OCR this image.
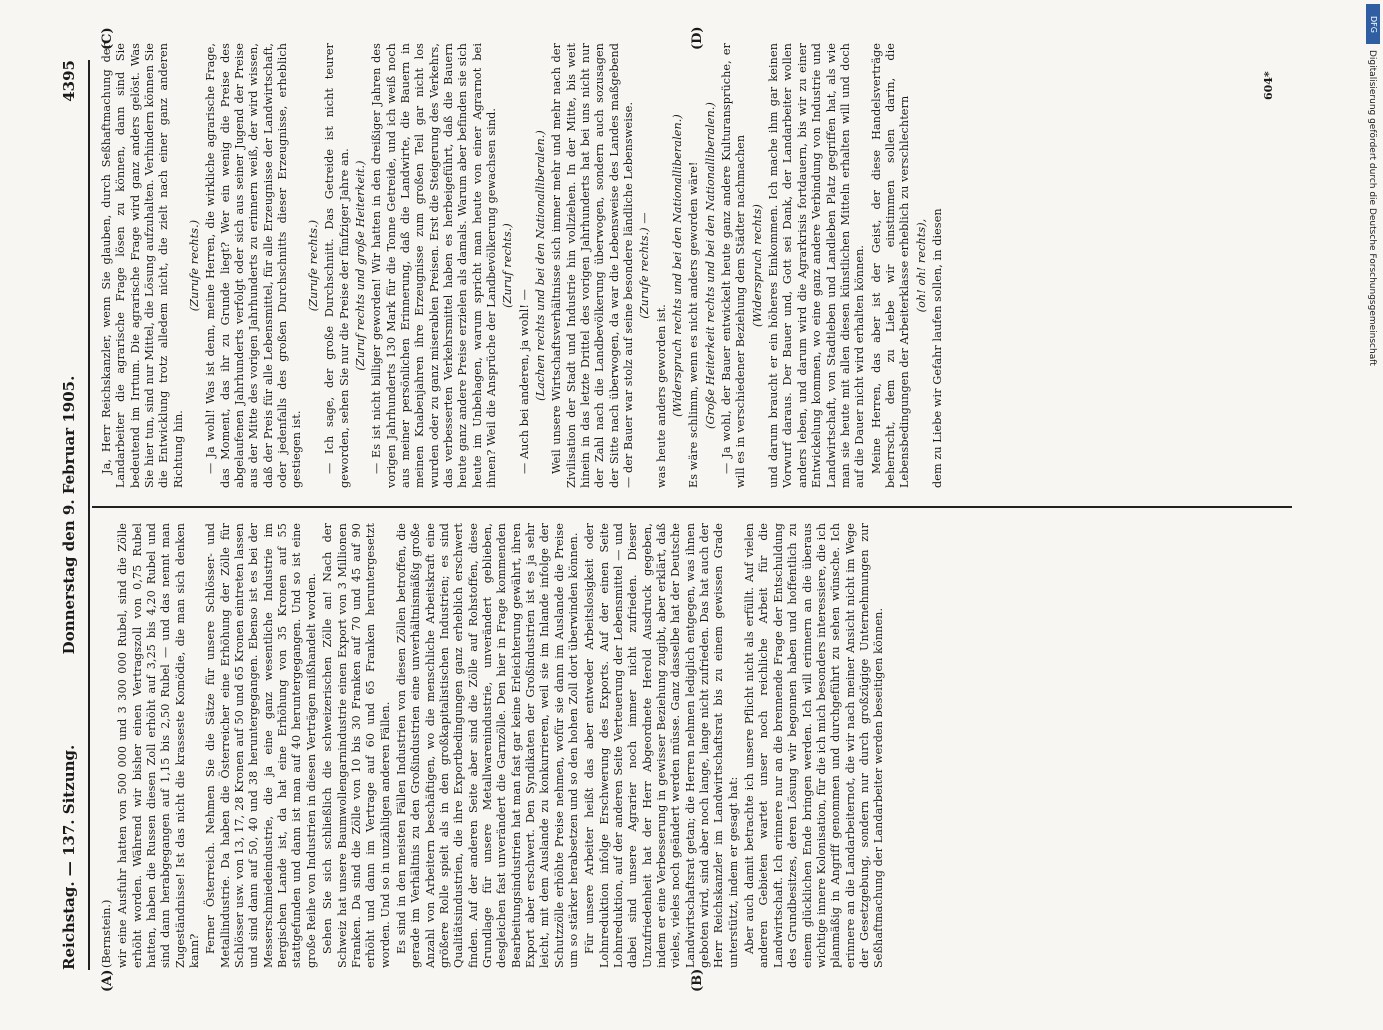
Reichstag. — 137. Sitzung.
Donnerstag den 9. Februar 1905.
4395
(A)	(B)
(C)	(D)

(Bernstein.) wir eine Ausfuhr hatten von 500 000 und 3 300 000 Rubel, sind die Zölle erhöht worden. Während wir bisher einen Vertragszoll von 0,75 Rubel hatten, haben die Russen diesen Zoll erhöht auf 3,25 bis 4,20 Rubel und sind dann herabgegangen auf 1,15 bis 2,50 Rubel — und das nennt man Zugeständnisse! Ist das nicht die krasseste Komödie, die man sich denken kann? Ferner Österreich. Nehmen Sie die Sätze für unsere Schlösser- und Metallindustrie. Da haben die Österreicher eine Erhöhung der Zölle für Schlösser usw. von 13, 17, 28 Kronen auf 50 und 65 Kronen eintreten lassen und sind dann auf 50, 40 und 38 heruntergegangen. Ebenso ist es bei der Messerschmiedeindustrie, die ja eine ganz wesentliche Industrie im Bergischen Lande ist, da hat eine Erhöhung von 35 Kronen auf 55 stattgefunden und dann ist man auf 40 heruntergegangen. Und so ist eine große Reihe von Industrien in diesen Verträgen mißhandelt worden. Sehen Sie sich schließlich die schweizerischen Zölle an! Nach der Schweiz hat unsere Baumwollengarnindustrie einen Export von 3 Millionen Franken. Da sind die Zölle von 10 bis 30 Franken auf 70 und 45 auf 90 erhöht und dann im Vertrage auf 60 und 65 Franken heruntergesetzt worden. Und so in unzähligen anderen Fällen. Es sind in den meisten Fällen Industrien von diesen Zöllen betroffen, die gerade im Verhältnis zu den Großindustrien eine unverhältnismäßig große Anzahl von Arbeitern beschäftigen, wo die menschliche Arbeitskraft eine größere Rolle spielt als in den großkapitalistischen Industrien; es sind Qualitätsindustrien, die ihre Exportbedingungen ganz erheblich erschwert finden. Auf der anderen Seite aber sind die Zölle auf Rohstoffen, diese Grundlage für unsere Metallwarenindustrie, unverändert geblieben, desgleichen fast unverändert die Garnzölle. Den hier in Frage kommenden Bearbeitungsindustrien hat man fast gar keine Erleichterung gewährt, ihren Export aber erschwert. Den Syndikaten der Großindustrien ist es ja sehr leicht, mit dem Auslande zu konkurrieren, weil sie im Inlande infolge der Schutzzölle erhöhte Preise nehmen, wofür sie dann im Auslande die Preise um so stärker herabsetzen und so den hohen Zoll dort überwinden können. Für unsere Arbeiter heißt das aber entweder Arbeitslosigkeit oder Lohnreduktion infolge Erschwerung des Exports. Auf der einen Seite Lohnreduktion, auf der anderen Seite Verteuerung der Lebensmittel — und dabei sind unsere Agrarier noch immer nicht zufrieden. Dieser Unzufriedenheit hat der Herr Abgeordnete Herold Ausdruck gegeben, indem er eine Verbesserung in gewisser Beziehung zugibt, aber erklärt, daß vieles, vieles noch geändert werden müsse. Ganz dasselbe hat der Deutsche Landwirtschaftsrat getan; die Herren nehmen lediglich entgegen, was ihnen geboten wird, sind aber noch lange, lange nicht zufrieden. Das hat auch der Herr Reichskanzler im Landwirtschaftsrat bis zu einem gewissen Grade unterstützt, indem er gesagt hat: Aber auch damit betrachte ich unsere Pflicht nicht als erfüllt. Auf vielen anderen Gebieten wartet unser noch reichliche Arbeit für die Landwirtschaft. Ich erinnere nur an die brennende Frage der Entschuldung des Grundbesitzes, deren Lösung wir begonnen haben und hoffentlich zu einem glücklichen Ende bringen werden. Ich will erinnern an die überaus wichtige innere Kolonisation, für die ich mich besonders interessiere, die ich planmäßig in Angriff genommen und durchgeführt zu sehen wünsche. Ich erinnere an die Landarbeiternot, die wir nach meiner Ansicht nicht im Wege der Gesetzgebung, sondern nur durch großzügige Unternehmungen zur Seßhaftmachung der Landarbeiter werden beseitigen können.

Ja, Herr Reichskanzler, wenn Sie glauben, durch Seßhaftmachung der Landarbeiter die agrarische Frage lösen zu können, dann sind Sie bedeutend im Irrtum. Die agrarische Frage wird ganz anders gelöst. Was Sie hier tun, sind nur Mittel, die Lösung aufzuhalten. Verhindern können Sie die Entwicklung trotz alledem nicht, die zielt nach einer ganz anderen Richtung hin.

(Zurufe rechts.) — Ja wohl! Was ist denn, meine Herren, die wirkliche agrarische Frage, das Moment, das ihr zu Grunde liegt? Wer ein wenig die Preise des abgelaufenen Jahrhunderts verfolgt oder sich aus seiner Jugend der Preise aus der Mitte des vorigen Jahrhunderts zu erinnern weiß, der wird wissen, daß der Preis für alle Lebensmittel, für alle Erzeugnisse der Landwirtschaft, oder jedenfalls des großen Durchschnitts dieser Erzeugnisse, erheblich gestiegen ist.

(Zurufe rechts.) — Ich sage, der große Durchschnitt. Das Getreide ist nicht teurer geworden, sehen Sie nur die Preise der fünfziger Jahre an. (Zuruf rechts und große Heiterkeit.) — Es ist nicht billiger geworden! Wir hatten in den dreißiger Jahren des vorigen Jahrhunderts 130 Mark für die Tonne Getreide, und ich weiß noch aus meiner persönlichen Erinnerung, daß die Landwirte, die Bauern in meinen Knabenjahren ihre Erzeugnisse zum großen Teil gar nicht los wurden oder zu ganz miserablen Preisen. Erst die Steigerung des Verkehrs, das verbesserten Verkehrsmittel haben es herbeigeführt, daß die Bauern heute ganz andere Preise erzielen als damals. Warum aber befinden sie sich heute im Unbehagen, warum spricht man heute von einer Agrarnot bei ihnen? Weil die Ansprüche der Landbevölkerung gewachsen sind. (Zuruf rechts.)

— Auch bei anderen, ja wohl! — (Lachen rechts und bei den Nationalliberalen.) Weil unsere Wirtschaftsverhältnisse sich immer mehr und mehr nach der Zivilisation der Stadt und Industrie hin vollziehen. In der Mitte, bis weit hinein in das letzte Drittel des vorigen Jahrhunderts hat bei uns nicht nur der Zahl nach die Landbevölkerung überwogen, sondern auch sozusagen der Sitte nach überwogen, da war die Lebensweise des Landes maßgebend — der Bauer war stolz auf seine besondere ländliche Lebensweise. (Zurufe rechts.) —

was heute anders geworden ist. (Widerspruch rechts und bei den Nationalliberalen.) Es wäre schlimm, wenn es nicht anders geworden wäre! (Große Heiterkeit rechts und bei den Nationalliberalen.) — Ja wohl, der Bauer entwickelt heute ganz andere Kulturansprüche, er will es in verschiedener Beziehung dem Städter nachmachen (Widerspruch rechts) und darum braucht er ein höheres Einkommen. Ich mache ihm gar keinen Vorwurf daraus. Der Bauer und, Gott sei Dank, der Landarbeiter wollen anders leben, und darum wird die Agrarkrisis fortdauern, bis wir zu einer Entwickelung kommen, wo eine ganz andere Verbindung von Industrie und Landwirtschaft, von Stadtleben und Landleben Platz gegriffen hat, als wie man sie heute mit allen diesen künstlichen Mitteln erhalten will und doch auf die Dauer nicht wird erhalten können. Meine Herren, das aber ist der Geist, der diese Handelsverträge beherrscht, dem zu Liebe wir einstimmen sollen darin, die Lebensbedingungen der Arbeiterklasse erheblich zu verschlechtern (oh! oh! rechts), dem zu Liebe wir Gefahr laufen sollen, in diesen

604*
DFG
Digitalisierung gefördert durch die Deutsche Forschungsgemeinschaft
